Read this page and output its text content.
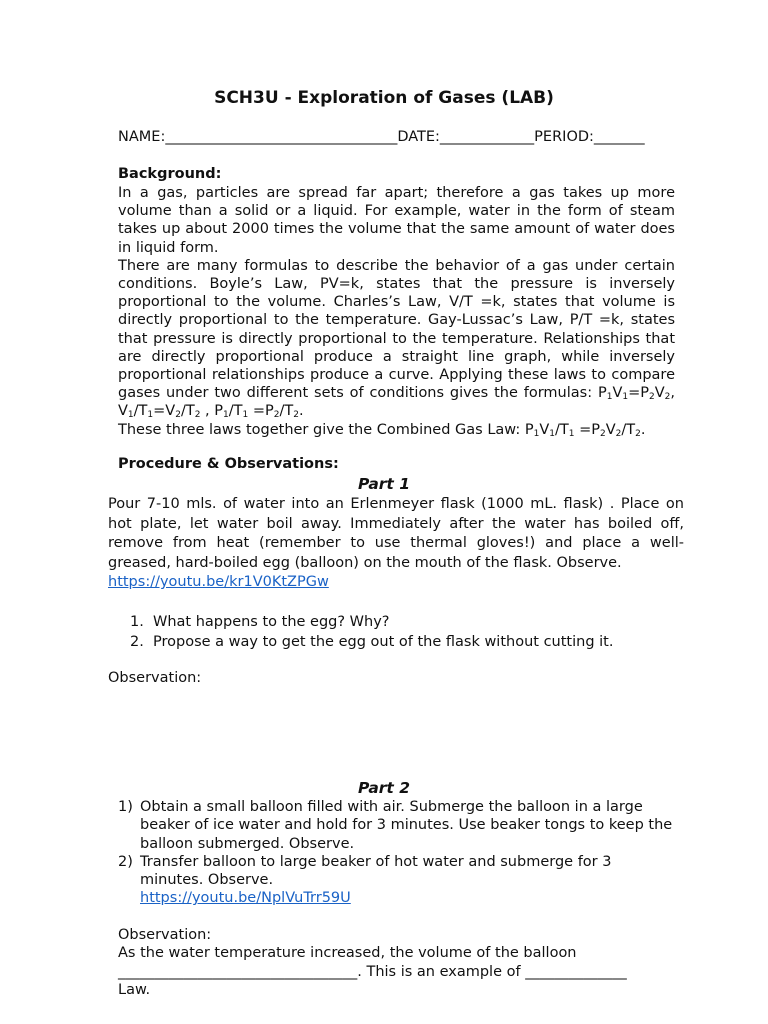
SCH3U - Exploration of Gases (LAB)
NAME:________________________________DATE:_____________PERIOD:_______
Background:

In a gas, particles are spread far apart; therefore a gas takes up more volume than a solid or a liquid. For example, water in the form of steam takes up about 2000 times the volume that the same amount of water does in liquid form.

There are many formulas to describe the behavior of a gas under certain conditions. Boyle’s Law, PV=k, states that the pressure is inversely proportional to the volume. Charles’s Law, V/T =k, states that volume is directly proportional to the temperature. Gay-Lussac’s Law, P/T =k, states that pressure is directly proportional to the temperature. Relationships that are directly proportional produce a straight line graph, while inversely proportional relationships produce a curve. Applying these laws to compare gases under two different sets of conditions gives the formulas: $P_1V_1=P_2V_2$, $V_1/T_1=V_2/T_2$ , $P_1/T_1 =P_2/T_2$.

These three laws together give the Combined Gas Law: $P_1V_1/T_1 =P_2V_2/T_2$.

Procedure & Observations:
Part 1
Pour 7-10 mls. of water into an Erlenmeyer flask (1000 mL. flask) . Place on hot plate, let water boil away. Immediately after the water has boiled off, remove from heat (remember to use thermal gloves!) and place a well-greased, hard-boiled egg (balloon) on the mouth of the flask. Observe.
https://youtu.be/kr1V0KtZPGw
1. What happens to the egg? Why?
2. Propose a way to get the egg out of the flask without cutting it.
Observation:
Part 2
1) Obtain a small balloon filled with air. Submerge the balloon in a large beaker of ice water and hold for 3 minutes. Use beaker tongs to keep the balloon submerged. Observe.
2) Transfer balloon to large beaker of hot water and submerge for 3 minutes. Observe.
https://youtu.be/NplVuTrr59U
Observation:
As the water temperature increased, the volume of the balloon
_________________________________. This is an example of ______________
Law.
